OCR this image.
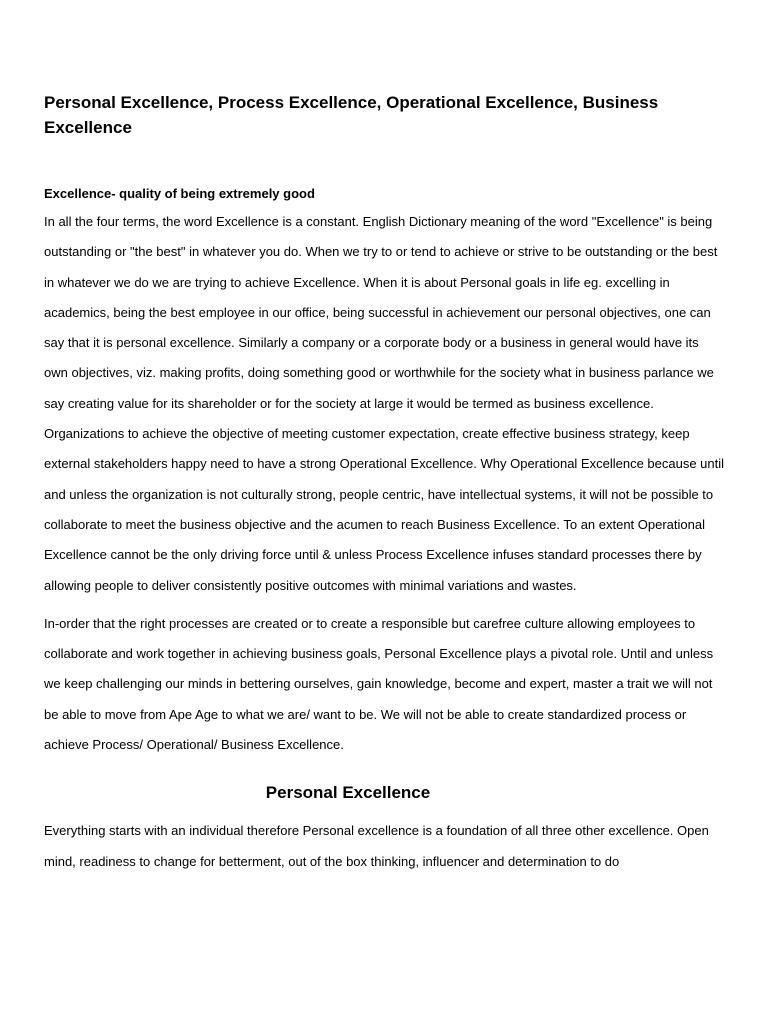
Personal Excellence, Process Excellence, Operational Excellence, Business Excellence
Excellence- quality of being extremely good

In all the four terms, the word Excellence is a constant. English Dictionary meaning of the word "Excellence" is being outstanding or "the best" in whatever you do. When we try to or tend to achieve or strive to be outstanding or the best in whatever we do we are trying to achieve Excellence. When it is about Personal goals in life eg. excelling in academics, being the best employee in our office, being successful in achievement our personal objectives, one can say that it is personal excellence. Similarly a company or a corporate body or a business in general would have its own objectives, viz. making profits, doing something good or worthwhile for the society what in business parlance we say creating value for its shareholder or for the society at large it would be termed as business excellence.

Organizations to achieve the objective of meeting customer expectation, create effective business strategy, keep external stakeholders happy need to have a strong Operational Excellence. Why Operational Excellence because until and unless the organization is not culturally strong, people centric, have intellectual systems, it will not be possible to collaborate to meet the business objective and the acumen to reach Business Excellence. To an extent Operational Excellence cannot be the only driving force until & unless Process Excellence infuses standard processes there by allowing people to deliver consistently positive outcomes with minimal variations and wastes.

In-order that the right processes are created or to create a responsible but carefree culture allowing employees to collaborate and work together in achieving business goals, Personal Excellence plays a pivotal role. Until and unless we keep challenging our minds in bettering ourselves, gain knowledge, become and expert, master a trait we will not be able to move from Ape Age to what we are/ want to be. We will not be able to create standardized process or achieve Process/ Operational/ Business Excellence.

Personal Excellence

Everything starts with an individual therefore Personal excellence is a foundation of all three other excellence. Open mind, readiness to change for betterment, out of the box thinking, influencer and determination to do
